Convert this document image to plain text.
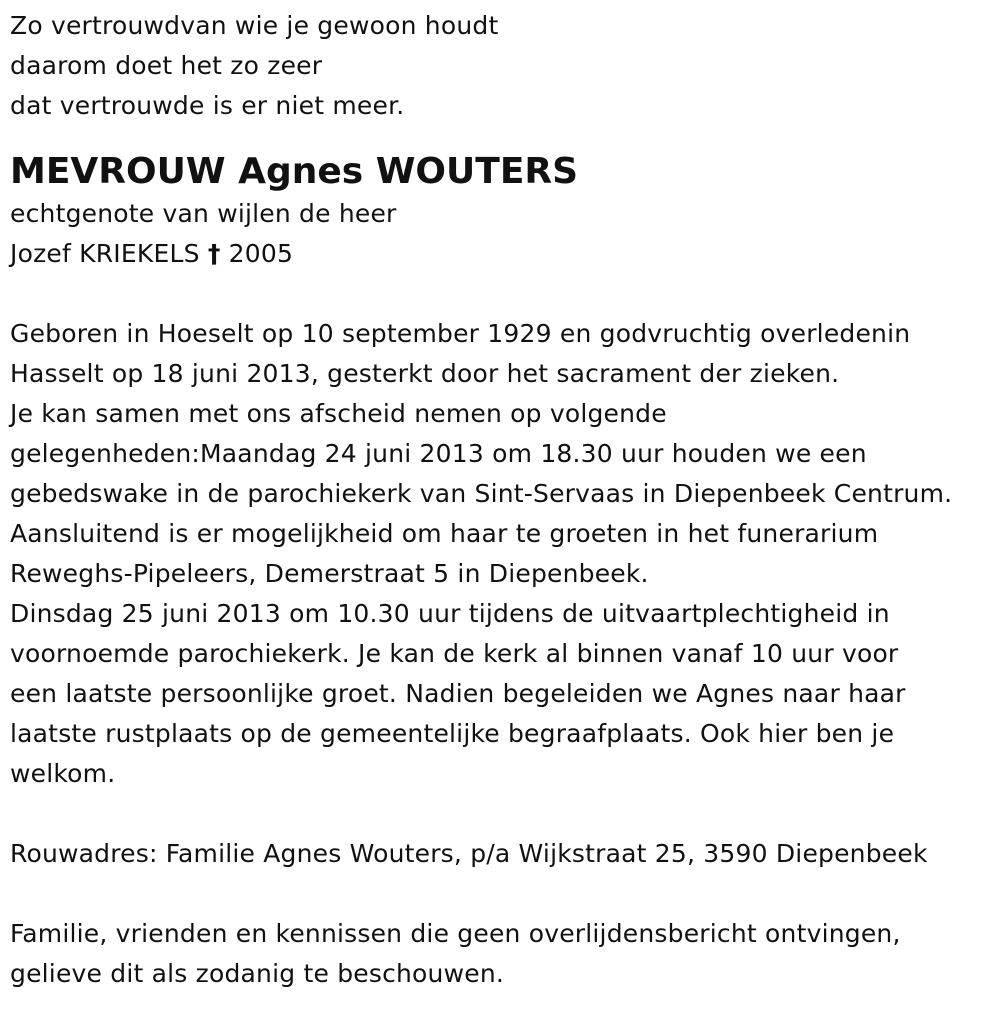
Zo vertrouwdvan wie je gewoon houdt
daarom doet het zo zeer
dat vertrouwde is er niet meer.
MEVROUW Agnes WOUTERS
echtgenote van wijlen de heer
Jozef KRIEKELS † 2005
Geboren in Hoeselt op 10 september 1929 en godvruchtig overledenin
Hasselt op 18 juni 2013, gesterkt door het sacrament der zieken.
Je kan samen met ons afscheid nemen op volgende
gelegenheden:Maandag 24 juni 2013 om 18.30 uur houden we een
gebedswake in de parochiekerk van Sint-Servaas in Diepenbeek Centrum.
Aansluitend is er mogelijkheid om haar te groeten in het funerarium
Reweghs-Pipeleers, Demerstraat 5 in Diepenbeek.
Dinsdag 25 juni 2013 om 10.30 uur tijdens de uitvaartplechtigheid in
voornoemde parochiekerk. Je kan de kerk al binnen vanaf 10 uur voor
een laatste persoonlijke groet. Nadien begeleiden we Agnes naar haar
laatste rustplaats op de gemeentelijke begraafplaats. Ook hier ben je
welkom.
Rouwadres: Familie Agnes Wouters, p/a Wijkstraat 25, 3590 Diepenbeek
Familie, vrienden en kennissen die geen overlijdensbericht ontvingen,
gelieve dit als zodanig te beschouwen.
